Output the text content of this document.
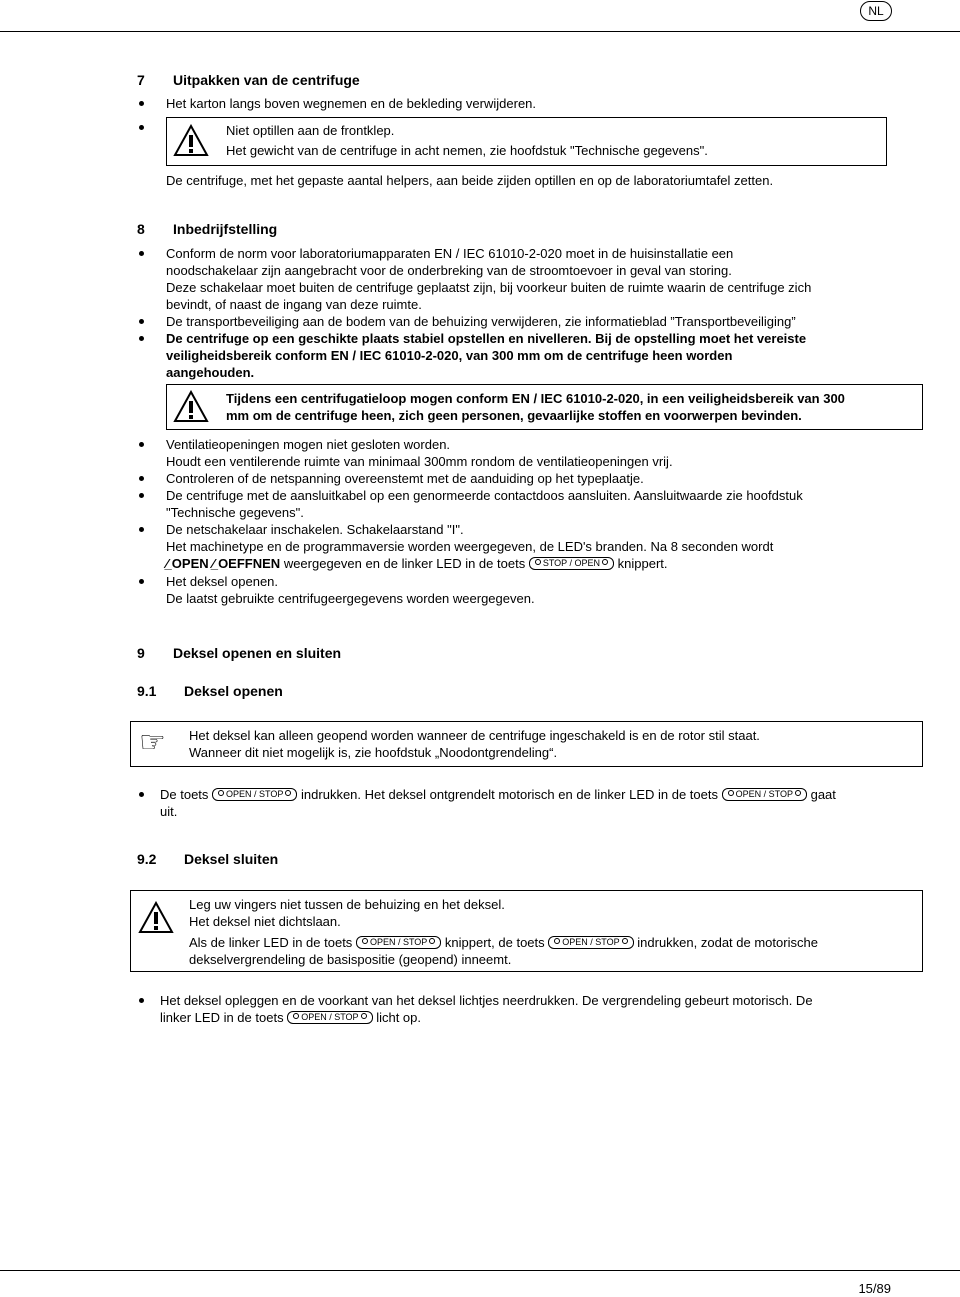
NL
7 Uitpakken van de centrifuge
Het karton langs boven wegnemen en de bekleding verwijderen.
Niet optillen aan de frontklep.
Het gewicht van de centrifuge in acht nemen, zie hoofdstuk "Technische gegevens".
De centrifuge, met het gepaste aantal helpers, aan beide zijden optillen en op de laboratoriumtafel zetten.
8 Inbedrijfstelling
Conform de norm voor laboratoriumapparaten EN / IEC 61010-2-020 moet in de huisinstallatie een
noodschakelaar zijn aangebracht voor de onderbreking van de stroomtoevoer in geval van storing.
Deze schakelaar moet buiten de centrifuge geplaatst zijn, bij voorkeur buiten de ruimte waarin de centrifuge zich
bevindt, of naast de ingang van deze ruimte.
De transportbeveiliging aan de bodem van de behuizing verwijderen, zie informatieblad ”Transportbeveiliging”
De centrifuge op een geschikte plaats stabiel opstellen en nivelleren. Bij de opstelling moet het vereiste
veiligheidsbereik conform EN / IEC 61010-2-020, van 300 mm om de centrifuge heen worden
aangehouden.
Tijdens een centrifugatieloop mogen conform EN / IEC 61010-2-020, in een veiligheidsbereik van 300
mm om de centrifuge heen, zich geen personen, gevaarlijke stoffen en voorwerpen bevinden.
Ventilatieopeningen mogen niet gesloten worden.
Houdt een ventilerende ruimte van minimaal 300mm rondom de ventilatieopeningen vrij.
Controleren of de netspanning overeenstemt met de aanduiding op het typeplaatje.
De centrifuge met de aansluitkabel op een genormeerde contactdoos aansluiten. Aansluitwaarde zie hoofdstuk
"Technische gegevens".
De netschakelaar inschakelen. Schakelaarstand "I".
Het machinetype en de programmaversie worden weergegeven, de LED's branden. Na 8 seconden wordt
∕̲ OPEN ∕̲ OEFFNEN weergegeven en de linker LED in de toets STOP / OPEN knippert.
Het deksel openen.
De laatst gebruikte centrifugeergegevens worden weergegeven.
9 Deksel openen en sluiten
9.1 Deksel openen
☞ Het deksel kan alleen geopend worden wanneer de centrifuge ingeschakeld is en de rotor stil staat.
Wanneer dit niet mogelijk is, zie hoofdstuk „Noodontgrendeling“.
De toets OPEN / STOP indrukken. Het deksel ontgrendelt motorisch en de linker LED in de toets OPEN / STOP gaat
uit.
9.2 Deksel sluiten
Leg uw vingers niet tussen de behuizing en het deksel.
Het deksel niet dichtslaan.
Als de linker LED in de toets OPEN / STOP knippert, de toets OPEN / STOP indrukken, zodat de motorische
dekselvergrendeling de basispositie (geopend) inneemt.
Het deksel opleggen en de voorkant van het deksel lichtjes neerdrukken. De vergrendeling gebeurt motorisch. De
linker LED in de toets OPEN / STOP licht op.
15/89
